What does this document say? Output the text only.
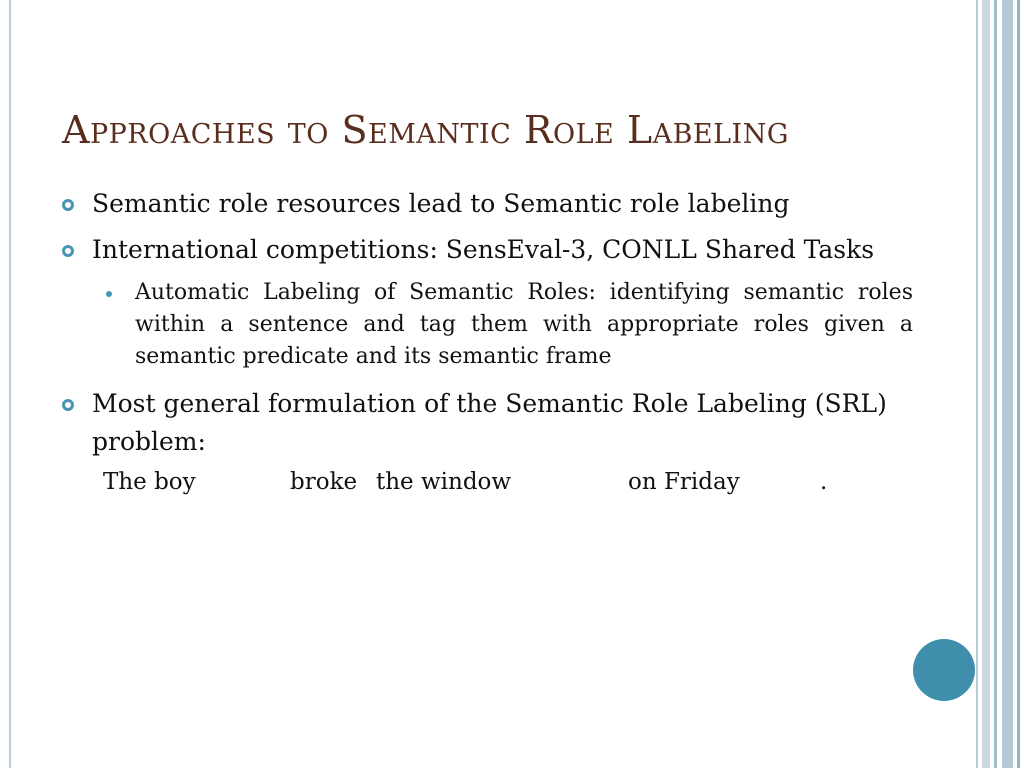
Approaches to Semantic Role Labeling
Semantic role resources lead to Semantic role labeling
International competitions: SensEval-3, CONLL Shared Tasks
Automatic Labeling of Semantic Roles: identifying semantic roles within a sentence and tag them with appropriate roles given a semantic predicate and its semantic frame
Most general formulation of the Semantic Role Labeling (SRL) problem:
The boy	broke the window	on Friday	.
